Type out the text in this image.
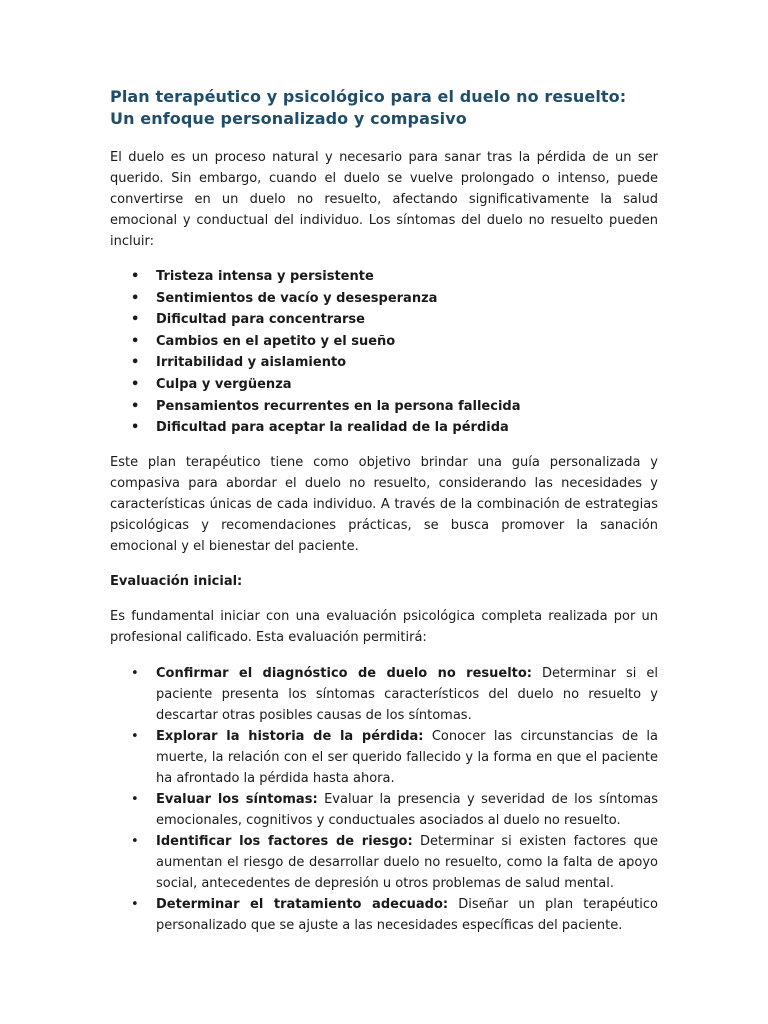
Plan terapéutico y psicológico para el duelo no resuelto:
Un enfoque personalizado y compasivo

El duelo es un proceso natural y necesario para sanar tras la pérdida de un ser querido. Sin embargo, cuando el duelo se vuelve prolongado o intenso, puede convertirse en un duelo no resuelto, afectando significativamente la salud emocional y conductual del individuo. Los síntomas del duelo no resuelto pueden incluir:

• Tristeza intensa y persistente
• Sentimientos de vacío y desesperanza
• Dificultad para concentrarse
• Cambios en el apetito y el sueño
• Irritabilidad y aislamiento
• Culpa y vergüenza
• Pensamientos recurrentes en la persona fallecida
• Dificultad para aceptar la realidad de la pérdida

Este plan terapéutico tiene como objetivo brindar una guía personalizada y compasiva para abordar el duelo no resuelto, considerando las necesidades y características únicas de cada individuo. A través de la combinación de estrategias psicológicas y recomendaciones prácticas, se busca promover la sanación emocional y el bienestar del paciente.

Evaluación inicial:

Es fundamental iniciar con una evaluación psicológica completa realizada por un profesional calificado. Esta evaluación permitirá:

• Confirmar el diagnóstico de duelo no resuelto: Determinar si el paciente presenta los síntomas característicos del duelo no resuelto y descartar otras posibles causas de los síntomas.
• Explorar la historia de la pérdida: Conocer las circunstancias de la muerte, la relación con el ser querido fallecido y la forma en que el paciente ha afrontado la pérdida hasta ahora.
• Evaluar los síntomas: Evaluar la presencia y severidad de los síntomas emocionales, cognitivos y conductuales asociados al duelo no resuelto.
• Identificar los factores de riesgo: Determinar si existen factores que aumentan el riesgo de desarrollar duelo no resuelto, como la falta de apoyo social, antecedentes de depresión u otros problemas de salud mental.
• Determinar el tratamiento adecuado: Diseñar un plan terapéutico personalizado que se ajuste a las necesidades específicas del paciente.
